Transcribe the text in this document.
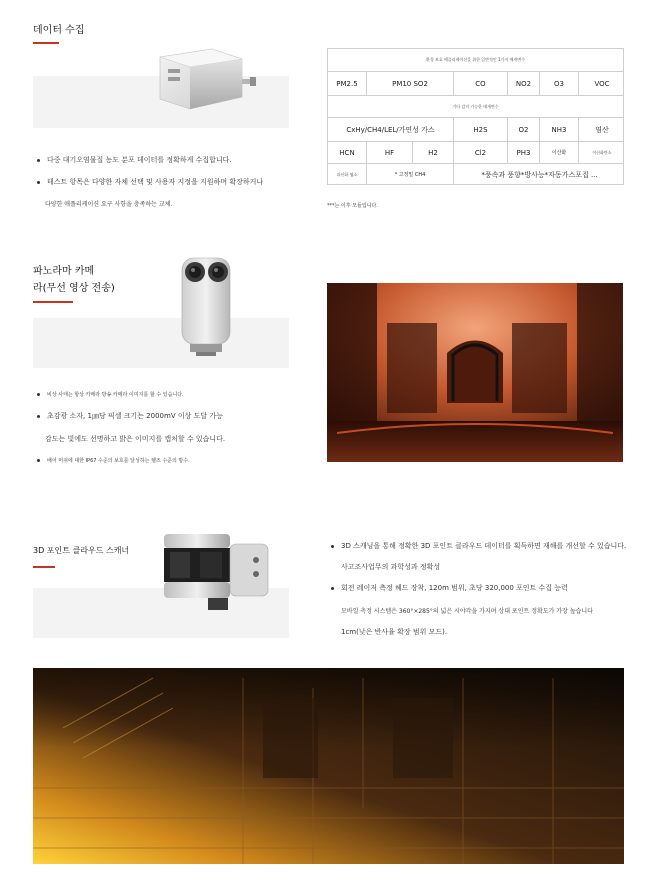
데이터 수집
다중 대기오염물질 농도 분포 데이터를 정확하게 수집합니다.
테스트 항목은 다양한 자체 선택 및 사용자 지정을 지원하며 확장하거나
다양한 애플리케이션 요구 사항을 충족하는 교체.
환경 보호 애플리케이션을 위한 일반적인 1가지 매개변수
PM2.5	PM10 SO2	CO	NO2	O3	VOC
기타 감지 가능한 매개변수
CxHy/CH4/LEL/가연성 가스	H2S	O2	NH3	염산
HCN	HF	H2	Cl2	PH3	이산화	이산화탄소
과산화 염소	* 고정밀 CH4	*풍속과 풍향*방사능*자동가스포집 ...
***는 이후 모듈입니다.
파노라마 카메
라(무선 영상 전송)
비상 사태는 항상 카메라 방송 카메라 이미지를 할 수 있습니다.
초감광 소자, 1㎛당 픽셀 크기는 2000mV 이상 도달 가능
감도는 빛에도 선명하고 밝은 이미지를 캡처할 수 있습니다.
배어 머쉬에 대한 IP67 수준의 보호를 달성하는 헬즈 수준의 방수.
3D 포인트 클라우드 스캐너	3D 스캐닝을 통해 정확한 3D 포인트 클라우드 데이터를 획득하면 재해를 개선할 수 있습니다.
사고조사업무의 과학성과 정확성
회전 레이저 측정 헤드 장착, 120m 범위, 초당 320,000 포인트 수집 능력
모바일 측정 시스템은 360°×285°의 넓은 시야각을 가지며 상대 포인트 정확도가 가장 높습니다
1cm(낮은 반사율 확장 범위 모드).
